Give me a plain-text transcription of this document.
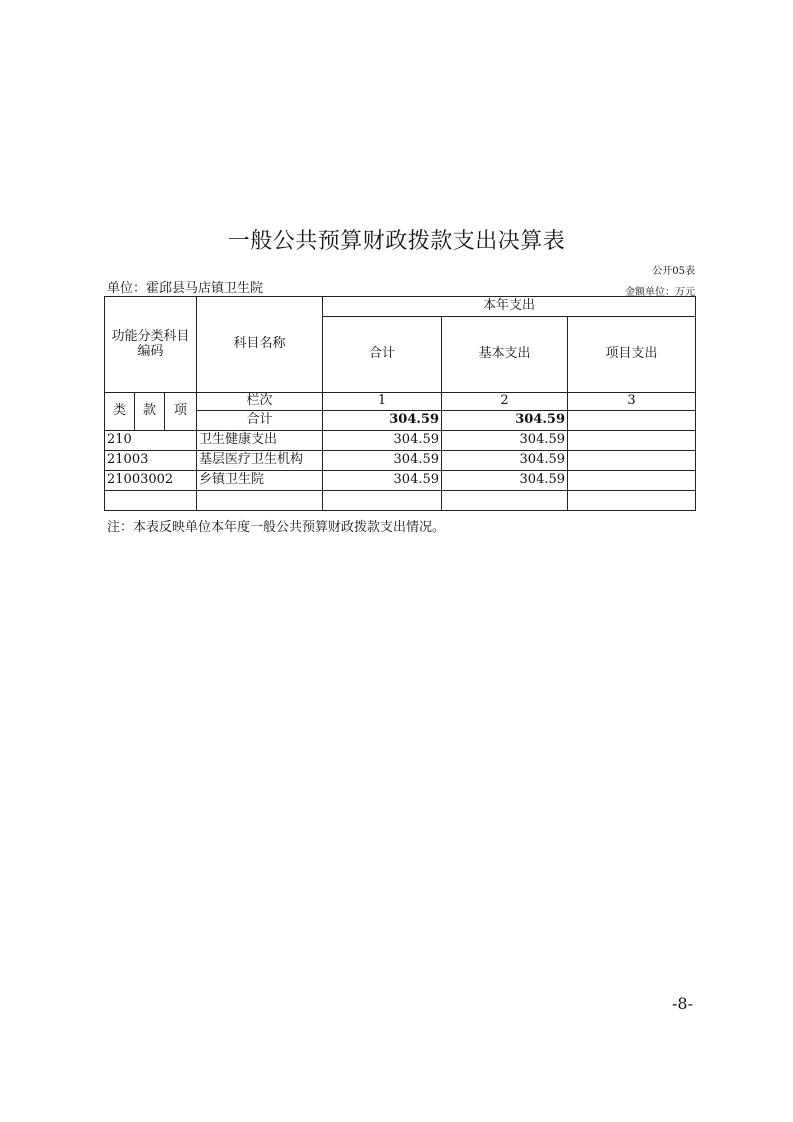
一般公共预算财政拨款支出决算表
公开05表
单位：霍邱县马店镇卫生院	金额单位：万元
功能分类科目编码			科目名称	本年支出		
				合计	基本支出	项目支出
类	款	项	栏次	1	2	3
			合计	304.59	304.59	
210			卫生健康支出	304.59	304.59	
21003			基层医疗卫生机构	304.59	304.59	
21003002			乡镇卫生院	304.59	304.59	

注：本表反映单位本年度一般公共预算财政拨款支出情况。
-8-
